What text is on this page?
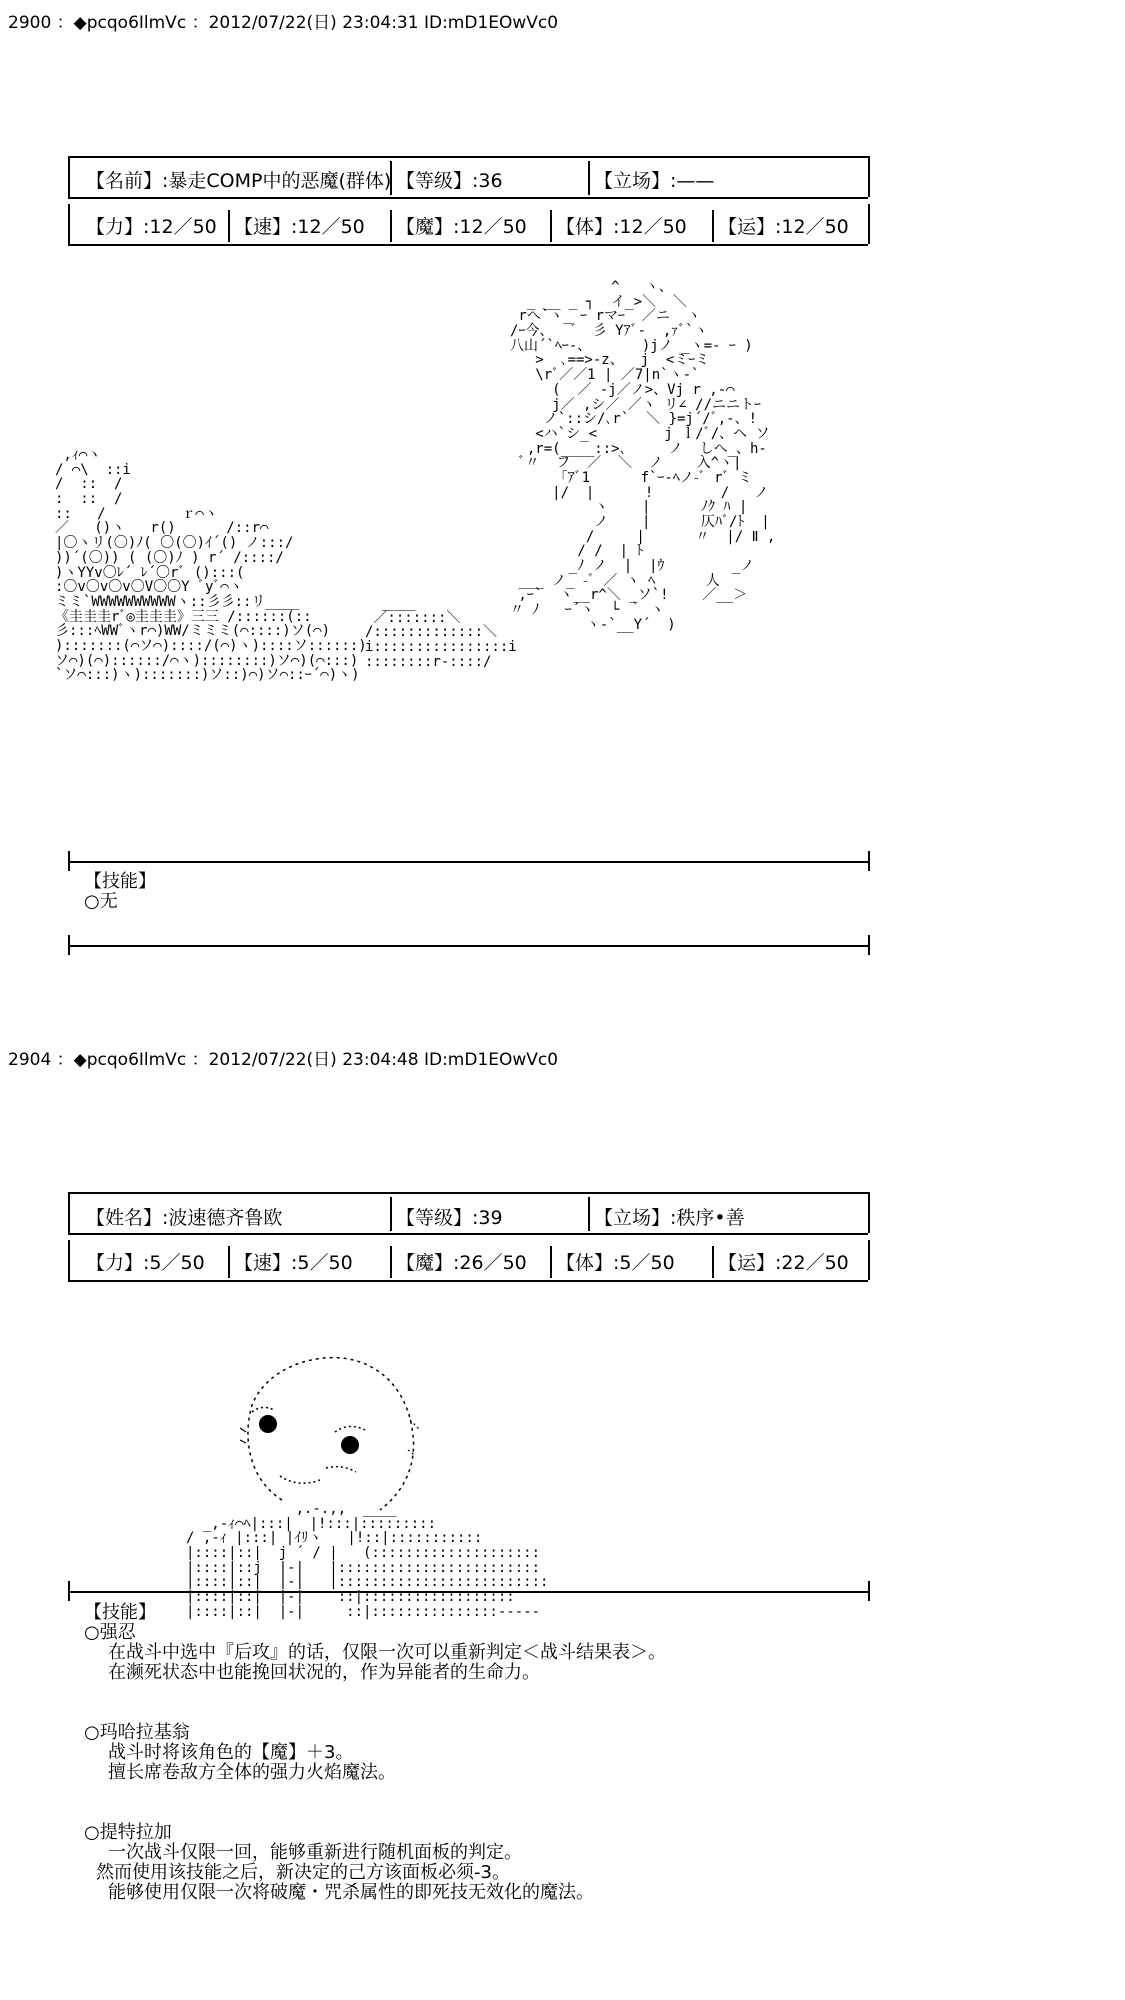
2900 ：◆pcqo6IlmVc ：2012/07/22(日) 23:04:31 ID:mD1EOwVc0
【名前】:暴走COMP中的恶魔(群体) 【等级】:36	【立场】:——
【力】:12／50 【速】:12／50 【魔】:12／50 【体】:12／50 【运】:12／50
,ｨ⌒ヽ
/ ⌒\  ::i
/  ::  /
:  ::  /
::   /         ｒ⌒ヽ
／   ()ヽ   r()      /::r⌒
|〇ヽリ(〇)ﾉ( 〇(〇)ｲ´() ノ:::/
))´(〇)) ( (〇)ﾉ ) r´ /::::/
)ヽYYv〇ﾚ´ ﾚ´〇rﾞ ():::(
:〇v〇v〇v〇V〇〇Y ﾞyﾞ⌒ヽ
ミミ`WWWWWWWWWWヽ::彡彡::リ____
《圭圭圭rﾞ◎圭圭圭》三三 /::::::(::
彡:::ﾍWWﾞヽr⌒)WW/ミミミ(⌒::::)ソ(⌒)
):::::::(⌒ソ⌒)::::/(⌒)ヽ)::::ソ::::::)
ソ⌒)(⌒)::::::/⌒ヽ)::::::::)ソ⌒)(⌒:::)
`ソ⌒:::)ヽ):::::::)ソ::)⌒)ソ⌒::ｰ´⌒)ヽ)
____
／:::::::＼
/:::::::::::::＼
i::::::::::::::::i
::::::::r-::::/
^   ヽ、
_ __ _ ┐  イ_>＼  ＼
rへ`ヽ_ ｰ rマｰ  ／ニ  ヽ
/ｰ今、  ゛ 彡 Yｱﾞ-  ,ｧﾞ`ヽ
八山´`ﾍｰ-、      )jノ _ヽ=- ｰ )
>  ､==>-z、  j  <ミｰミ
\rﾞ／／1 | ／7|n`ヽ-`
(  ／ -j／ノ>、Vj r ,-⌒
j／ ,シ／ ／ヽ リ∠ //ニニトｰ
ノ`::シ/､r`  ＼ }=j´/ﾞ,-、!
<ハ`シ_<        j ｌ/ﾞ/、ヘ ソ
,r=(____::>､     ノ  しへ_、h-
ﾞ〃  フ  ／  ＼  ノ    入^ヽ|
｢ｱﾞ1      f`ｰ-ﾍノ-ﾞ rﾞ ミ
|/  |      !        /   ノ
ヽ    |      ﾉｸ ﾊ |
ノ    |      仄ﾊﾞ/ﾄ  |
/     |      〃  |/ Ⅱ ,
/ /  | ﾄ
_ﾉ ノ  |  |ｳ        _ノ
___ ノ_ -ﾞ ／ ヽ ﾍ      人
,ｰ`  ヽ__r^＼ _ソ`!    ／__＞
〃 ﾉ   ｰ´ヽ  └ ｀ ヽ
ヽ-`__Y´  )

【技能】

○无

2904 ：◆pcqo6IlmVc ：2012/07/22(日) 23:04:48 ID:mD1EOwVc0
【姓名】:波速德齐鲁欧	【等级】:39	【立场】:秩序•善
【力】:5／50 【速】:5／50 【魔】:26／50 【体】:5／50 【运】:22／50
,.-.,,  ____
_,-ｨ⌒ﾍ|:::|  |!:::|:::::::::
/ ,-ｨ |:::| |ｲﾘヽ   |!::|:::::::::::
|::::|::|  j ´ / |   (::::::::::::::::::::
|::::|::j  |-|   |::::::::::::::::::::::::
|::::|::|  |-|   |:::::::::::::::::::::::::
|::::|::|  |-|    ::|::::::::::::::::::
|::::|::|  |-|     ::|:::::::::::::::-----

【技能】

○强忍

在战斗中选中『后攻』的话，仅限一次可以重新判定＜战斗结果表＞。

在濒死状态中也能挽回状况的，作为异能者的生命力。

○玛哈拉基翁

战斗时将该角色的【魔】＋3。

擅长席卷敌方全体的强力火焰魔法。

○提特拉加

一次战斗仅限一回，能够重新进行随机面板的判定。

然而使用该技能之后，新决定的己方该面板必须-3。

能够使用仅限一次将破魔・咒杀属性的即死技无效化的魔法。
